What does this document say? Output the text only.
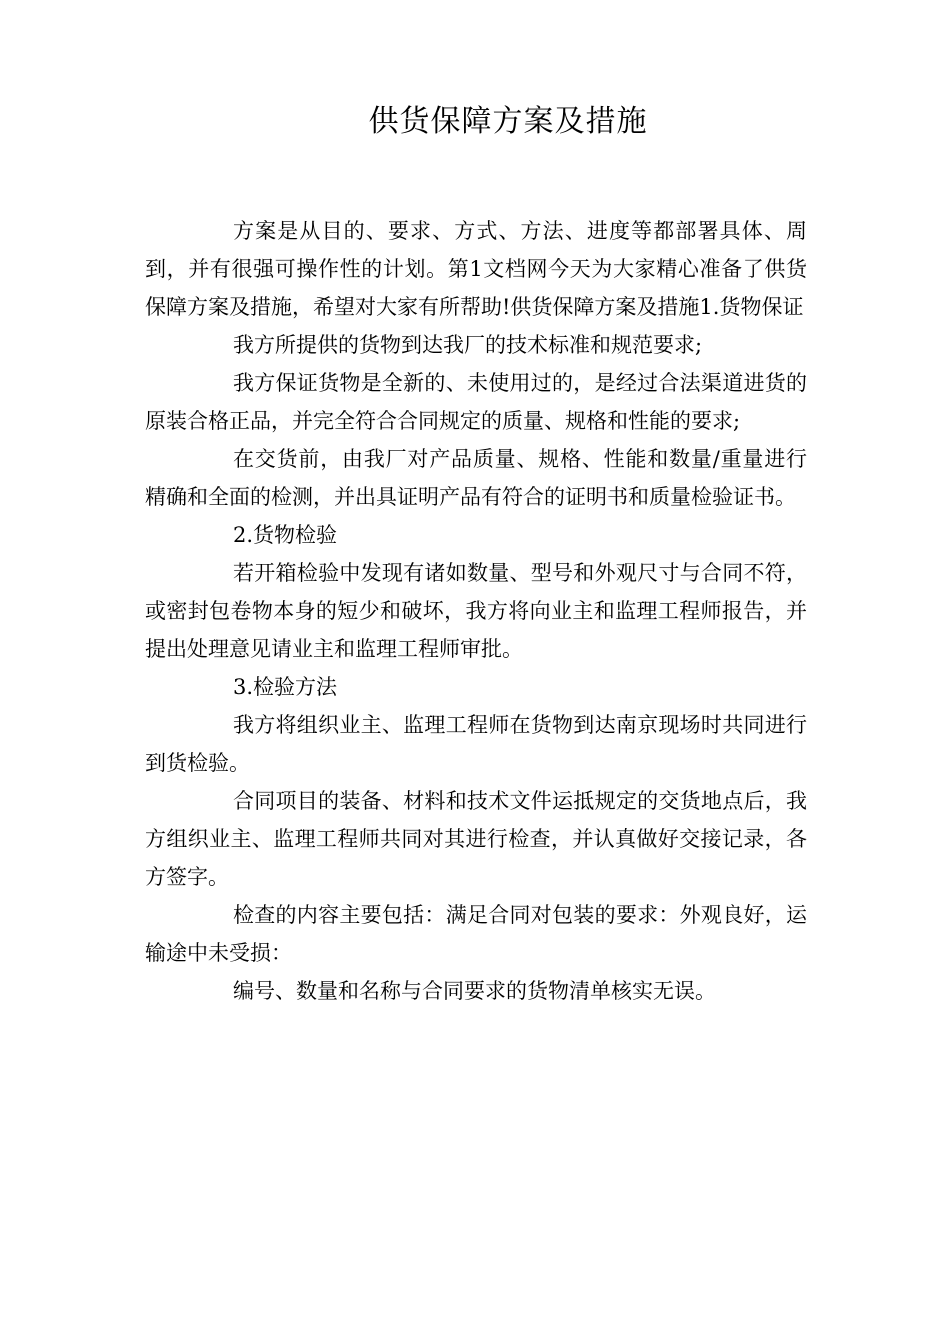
供货保障方案及措施

方案是从目的、要求、方式、方法、进度等都部署具体、周到，并有很强可操作性的计划。第1文档网今天为大家精心准备了供货保障方案及措施，希望对大家有所帮助!供货保障方案及措施1.货物保证

我方所提供的货物到达我厂的技术标准和规范要求;

我方保证货物是全新的、未使用过的，是经过合法渠道进货的原装合格正品，并完全符合合同规定的质量、规格和性能的要求;

在交货前，由我厂对产品质量、规格、性能和数量/重量进行精确和全面的检测，并出具证明产品有符合的证明书和质量检验证书。

2.货物检验

若开箱检验中发现有诸如数量、型号和外观尺寸与合同不符，或密封包卷物本身的短少和破坏，我方将向业主和监理工程师报告，并提出处理意见请业主和监理工程师审批。

3.检验方法

我方将组织业主、监理工程师在货物到达南京现场时共同进行到货检验。

合同项目的装备、材料和技术文件运抵规定的交货地点后，我方组织业主、监理工程师共同对其进行检查，并认真做好交接记录，各方签字。

检查的内容主要包括：满足合同对包装的要求：外观良好，运输途中未受损：

编号、数量和名称与合同要求的货物清单核实无误。
